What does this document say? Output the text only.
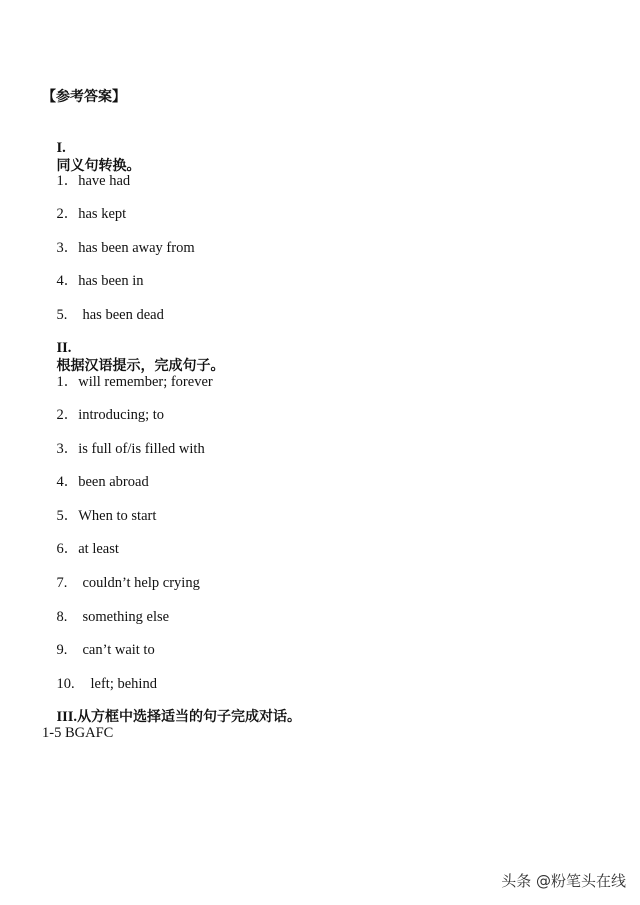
【参考答案】

I.
同义句转换。

1．have had

2．has kept

3．has been away from

4．has been in

5. has been dead

II.
根据汉语提示，完成句子。

1．will remember; forever

2．introducing; to

3．is full of/is filled with

4．been abroad

5．When to start

6．at least

7. couldn’t help crying

8. something else

9. can’t wait to

10. left; behind

III.从方框中选择适当的句子完成对话。

1-5 BGAFC
头条 @粉笔头在线
